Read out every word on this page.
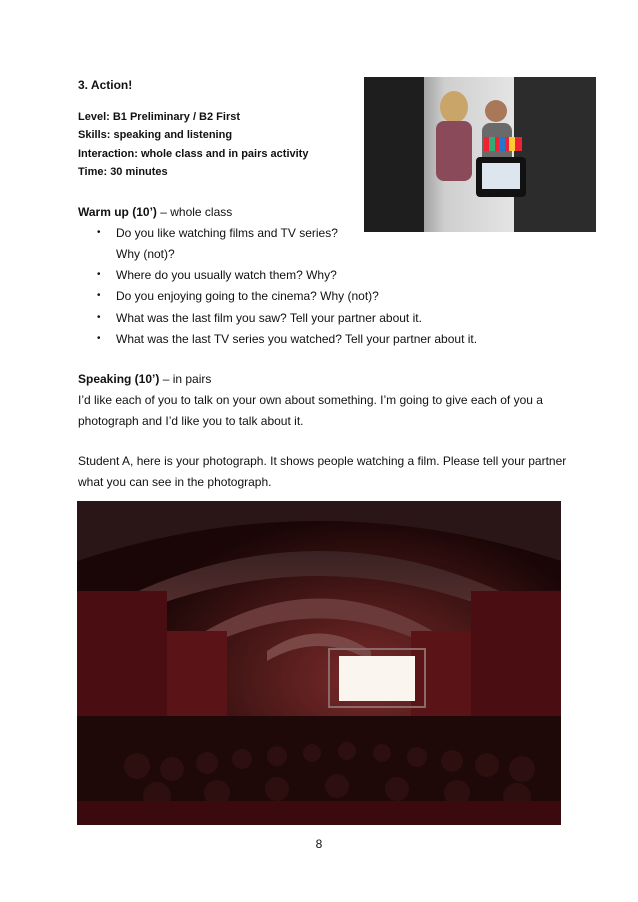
3. Action!
Level: B1 Preliminary / B2 First
Skills: speaking and listening
Interaction: whole class and in pairs activity
Time: 30 minutes
Warm up (10’) – whole class
• Do you like watching films and TV series?
Why (not)?
• Where do you usually watch them? Why?
• Do you enjoying going to the cinema? Why (not)?
• What was the last film you saw? Tell your partner about it.
• What was the last TV series you watched? Tell your partner about it.
Speaking (10’) – in pairs
I’d like each of you to talk on your own about something. I’m going to give each of you a
photograph and I’d like you to talk about it.
Student A, here is your photograph. It shows people watching a film. Please tell your partner
what you can see in the photograph.
8
